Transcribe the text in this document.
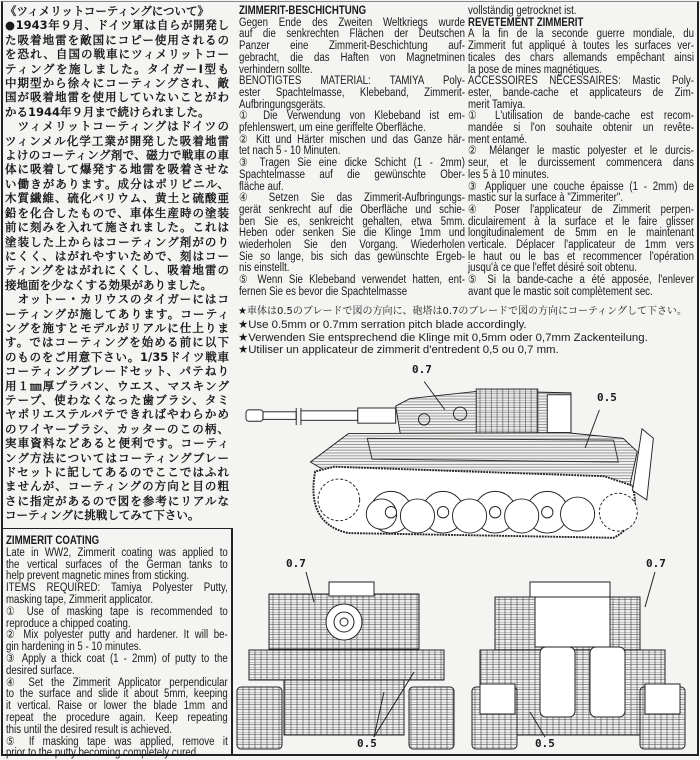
《ツィメリットコーティングについて》
●1943年９月、ドイツ軍は自らが開発し
た吸着地雷を敵国にコピー使用されるの
を恐れ、自国の戦車にツィメリットコー
ティングを施しました。タイガーⅠ型も
中期型から徐々にコーティングされ、敵
国が吸着地雷を使用していないことがわ
かる1944年９月まで続けられました。
　ツィメリットコーティングはドイツの
ツィンメル化学工業が開発した吸着地雷
よけのコーティング剤で、磁力で戦車の車
体に吸着して爆発する地雷を吸着させな
い働きがあります。成分はポリビニル、
木質繊維、硫化バリウム、黄土と硫酸亜
鉛を化合したもので、車体生産時の塗装
前に刻みを入れて施されました。これは
塗装した上からはコーティング剤がのり
にくく、はがれやすいためで、刻はコー
ティングをはがれにくくし、吸着地雷の
接地面を少なくする効果がありました。
　オットー・カリウスのタイガーにはコ
ーティングが施してあります。コーティ
ングを施すとモデルがリアルに仕上りま
す。ではコーティングを始める前に以下
のものをご用意下さい。1/35ドイツ戦車
コーティングブレードセット、パテねり
用１㎜厚プラバン、ウエス、マスキング
テープ、使わなくなった歯ブラシ、タミ
ヤポリエステルパテできればやわらかめ
のワイヤーブラシ、カッターのこの柄、
実車資料などあると便利です。コーティ
ング方法についてはコーティングブレー
ドセットに記してあるのでここではふれ
ませんが、コーティングの方向と目の粗
さに指定があるので図を参考にリアルな
コーティングに挑戦してみて下さい。
ZIMMERIT-BESCHICHTUNG
Gegen Ende des Zweiten Weltkriegs wurde
auf die senkrechten Flächen der Deutschen
Panzer eine Zimmerit-Beschichtung auf-
gebracht, die das Haften von Magnetminen
verhindern sollte.
BENÖTIGTES MATERIAL: TAMIYA Poly-
ester Spachtelmasse, Klebeband, Zimmerit-
Aufbringungsgeräts.
① Die Verwendung von Klebeband ist em-
pfehlenswert, um eine geriffelte Oberfläche.
② Kitt und Härter mischen und das Ganze här-
tet nach 5 - 10 Minuten.
③ Tragen Sie eine dicke Schicht (1 - 2mm)
Spachtelmasse auf die gewünschte Ober-
fläche auf.
④ Setzen Sie das Zimmerit-Aufbringungs-
gerät senkrecht auf die Oberfläche und schie-
ben Sie es, senkreicht gehalten, etwa 5mm.
Heben oder senken Sie die Klinge 1mm und
wiederholen Sie den Vorgang. Wiederholen
Sie so lange, bis sich das gewünschte Ergeb-
nis einstellt.
⑤ Wenn Sie Klebeband verwendet hatten, ent-
fernen Sie es bevor die Spachtelmasse
vollständig getrocknet ist.
REVETEMENT ZIMMERIT
A la fin de la seconde guerre mondiale, du
Zimmerit fut appliqué à toutes les surfaces ver-
ticales des chars allemands empêchant ainsi
la pose de mines magnétiques.
ACCESSOIRES NECESSAIRES: Mastic Poly-
ester, bande-cache et applicateurs de Zim-
merit Tamiya.
① L'utilisation de bande-cache est recom-
mandée si l'on souhaite obtenir un revête-
ment entamé.
② Mélanger le mastic polyester et le durcis-
seur, et le durcissement commencera dans
les 5 à 10 minutes.
③ Appliquer une couche épaisse (1 - 2mm) de
mastic sur la surface à "Zimmeriter".
④ Poser l'applicateur de Zimmerit perpen-
diculairement à la surface et le faire glisser
longitudinalement de 5mm en le maintenant
verticale. Déplacer l'applicateur de 1mm vers
le haut ou le bas et recommencer l'opération
jusqu'à ce que l'effet désiré soit obtenu.
⑤ Si la bande-cache a été apposée, l'enlever
avant que le mastic soit complètement sec.
★車体は0.5のブレードで図の方向に、砲塔は0.7のブレードで図の方向にコーティングして下さい。
★Use 0.5mm or 0.7mm serration pitch blade accordingly.
★Verwenden Sie entsprechend die Klinge mit 0,5mm oder 0,7mm Zackenteilung.
★Utiliser un applicateur de zimmerit d'entredent 0,5 ou 0,7 mm.
ZIMMERIT COATING
Late in WW2, Zimmerit coating was applied to
the vertical surfaces of the German tanks to
help prevent magnetic mines from sticking.
ITEMS REQUIRED: Tamiya Polyester Putty,
masking tape, Zimmerit applicator.
① Use of masking tape is recommended to
reproduce a chipped coating.
② Mix polyester putty and hardener. It will be-
gin hardening in 5 - 10 minutes.
③ Apply a thick coat (1 - 2mm) of putty to the
desired surface.
④ Set the Zimmerit Applicator perpendicular
to the surface and slide it about 5mm, keeping
it vertical. Raise or lower the blade 1mm and
repeat the procedure again. Keep repeating
this until the desired result is achieved.
⑤ If masking tape was applied, remove it
prior to the putty becoming completely cured.
0.7
0.5
0.7
0.5
0.7
0.5
